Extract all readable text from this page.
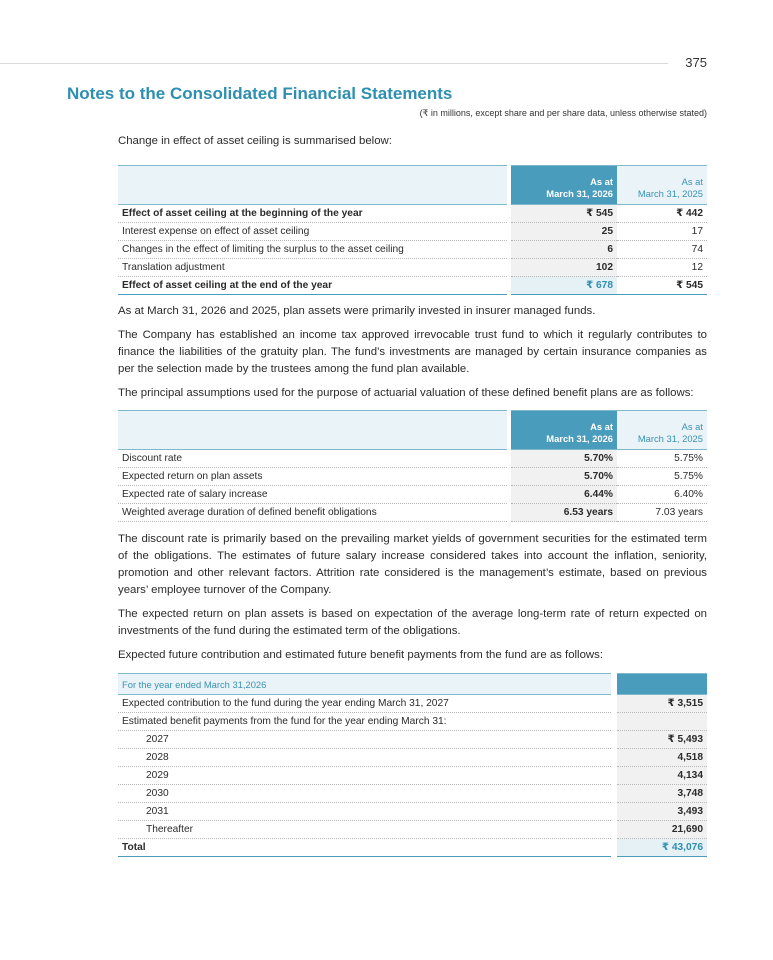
375
Notes to the Consolidated Financial Statements
(₹ in millions, except share and per share data, unless otherwise stated)

Change in effect of asset ceiling is summarised below:

	As at
March 31, 2026	As at
March 31, 2025
Effect of asset ceiling at the beginning of the year	₹ 545	₹ 442
Interest expense on effect of asset ceiling	25	17
Changes in the effect of limiting the surplus to the asset ceiling	6	74
Translation adjustment	102	12
Effect of asset ceiling at the end of the year	₹ 678	₹ 545

As at March 31, 2026 and 2025, plan assets were primarily invested in insurer managed funds.

The Company has established an income tax approved irrevocable trust fund to which it regularly contributes to finance the liabilities of the gratuity plan. The fund’s investments are managed by certain insurance companies as per the selection made by the trustees among the fund plan available.

The principal assumptions used for the purpose of actuarial valuation of these defined benefit plans are as follows:

	As at
March 31, 2026	As at
March 31, 2025
Discount rate	5.70%	5.75%
Expected return on plan assets	5.70%	5.75%
Expected rate of salary increase	6.44%	6.40%
Weighted average duration of defined benefit obligations	6.53 years	7.03 years

The discount rate is primarily based on the prevailing market yields of government securities for the estimated term of the obligations. The estimates of future salary increase considered takes into account the inflation, seniority, promotion and other relevant factors. Attrition rate considered is the management’s estimate, based on previous years’ employee turnover of the Company.

The expected return on plan assets is based on expectation of the average long-term rate of return expected on investments of the fund during the estimated term of the obligations.

Expected future contribution and estimated future benefit payments from the fund are as follows:

For the year ended March 31,2026	
Expected contribution to the fund during the year ending March 31, 2027	₹ 3,515
Estimated benefit payments from the fund for the year ending March 31:	
2027	₹ 5,493
2028	4,518
2029	4,134
2030	3,748
2031	3,493
Thereafter	21,690
Total	₹ 43,076
